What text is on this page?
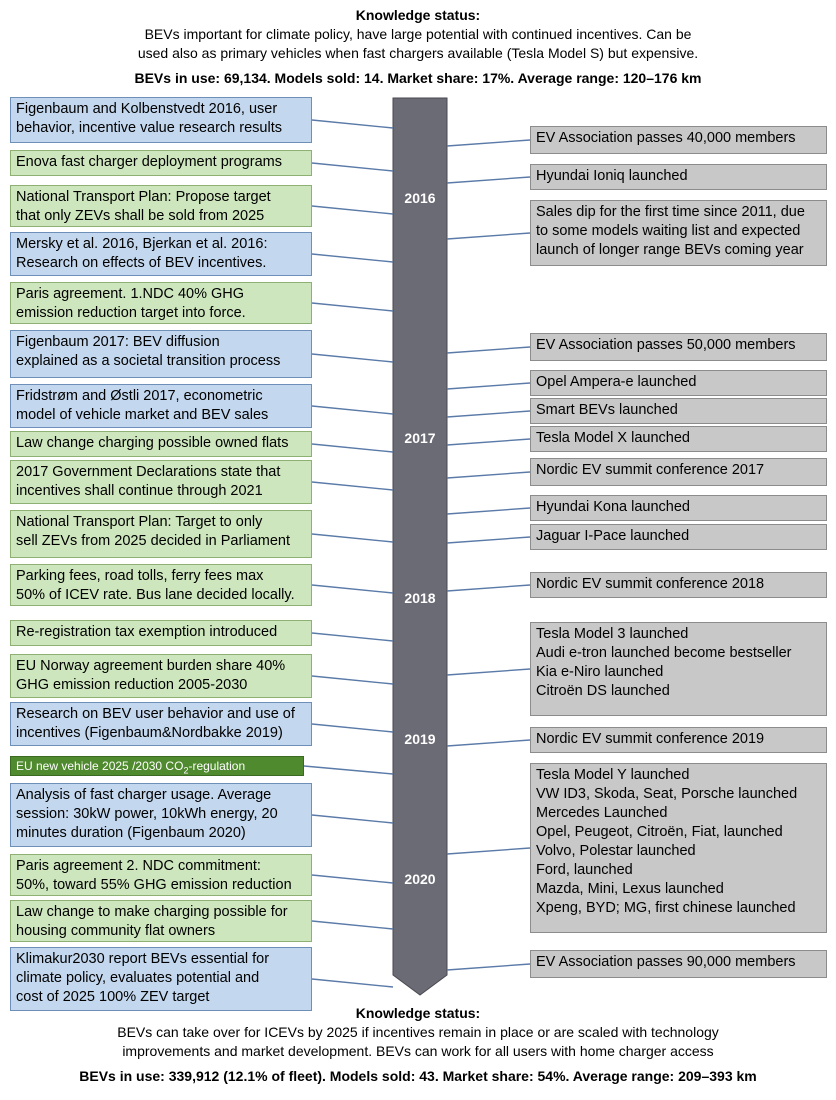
Knowledge status:
BEVs important for climate policy, have large potential with continued incentives. Can be
used also as primary vehicles when fast chargers available (Tesla Model S) but expensive.
BEVs in use: 69,134. Models sold: 14. Market share: 17%. Average range: 120–176 km
2016
2017
2018
2019
2020
Figenbaum and Kolbenstvedt 2016, user
behavior, incentive value research results
Enova fast charger deployment programs
National Transport Plan: Propose target
that only ZEVs shall be sold from 2025
Mersky et al. 2016, Bjerkan et al. 2016:
Research on effects of BEV incentives.
Paris agreement. 1.NDC 40% GHG
emission reduction target into force.
Figenbaum 2017: BEV diffusion
explained as a societal transition process
Fridstrøm and Østli 2017, econometric
model of vehicle market and BEV sales
Law change charging possible owned flats
2017 Government Declarations state that
incentives shall continue through 2021
National Transport Plan: Target to only
sell ZEVs from 2025 decided in Parliament
Parking fees, road tolls, ferry fees max
50% of ICEV rate. Bus lane decided locally.
Re-registration tax exemption introduced
EU Norway agreement burden share 40%
GHG emission reduction 2005-2030
Research on BEV user behavior and use of
incentives (Figenbaum&Nordbakke 2019)
EU new vehicle 2025 /2030 $CO_2$-regulation
Analysis of fast charger usage. Average
session: 30kW power, 10kWh energy, 20
minutes duration (Figenbaum 2020)
Paris agreement 2. NDC commitment:
50%, toward 55% GHG emission reduction
Law change to make charging possible for
housing community flat owners
Klimakur2030 report BEVs essential for
climate policy, evaluates potential and
cost of 2025 100% ZEV target
EV Association passes 40,000 members
Hyundai Ioniq launched
Sales dip for the first time since 2011, due
to some models waiting list and expected
launch of longer range BEVs coming year
EV Association passes 50,000 members
Opel Ampera-e launched
Smart BEVs launched
Tesla Model X launched
Nordic EV summit conference 2017
Hyundai Kona launched
Jaguar I-Pace launched
Nordic EV summit conference 2018
Tesla Model 3 launched
Audi e-tron launched become bestseller
Kia e-Niro launched
Citroën DS launched
Nordic EV summit conference 2019
Tesla Model Y launched
VW ID3, Skoda, Seat, Porsche launched
Mercedes Launched
Opel, Peugeot, Citroën, Fiat, launched
Volvo, Polestar launched
Ford, launched
Mazda, Mini, Lexus launched
Xpeng, BYD; MG, first chinese launched
EV Association passes 90,000 members
Knowledge status:
BEVs can take over for ICEVs by 2025 if incentives remain in place or are scaled with technology
improvements and market development. BEVs can work for all users with home charger access
BEVs in use: 339,912 (12.1% of fleet). Models sold: 43. Market share: 54%. Average range: 209–393 km
